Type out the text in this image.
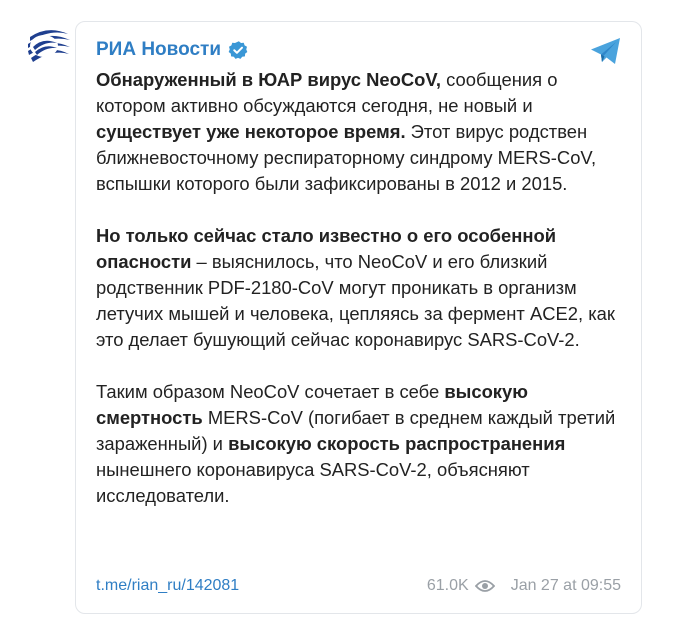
РИА Новости

Обнаруженный в ЮАР вирус NeoCoV, сообщения о котором активно обсуждаются сегодня, не новый и существует уже некоторое время. Этот вирус родствен ближневосточному респираторному синдрому MERS-CoV, вспышки которого были зафиксированы в 2012 и 2015.

Но только сейчас стало известно о его особенной опасности – выяснилось, что NeoCoV и его близкий родственник PDF-2180-CoV могут проникать в организм летучих мышей и человека, цепляясь за фермент ACE2, как это делает бушующий сейчас коронавирус SARS-CoV-2.

Таким образом NeoCoV сочетает в себе высокую смертность MERS-CoV (погибает в среднем каждый третий зараженный) и высокую скорость распространения нынешнего коронавируса SARS-CoV-2, объясняют исследователи.

t.me/rian_ru/142081	61.0K	Jan 27 at 09:55
